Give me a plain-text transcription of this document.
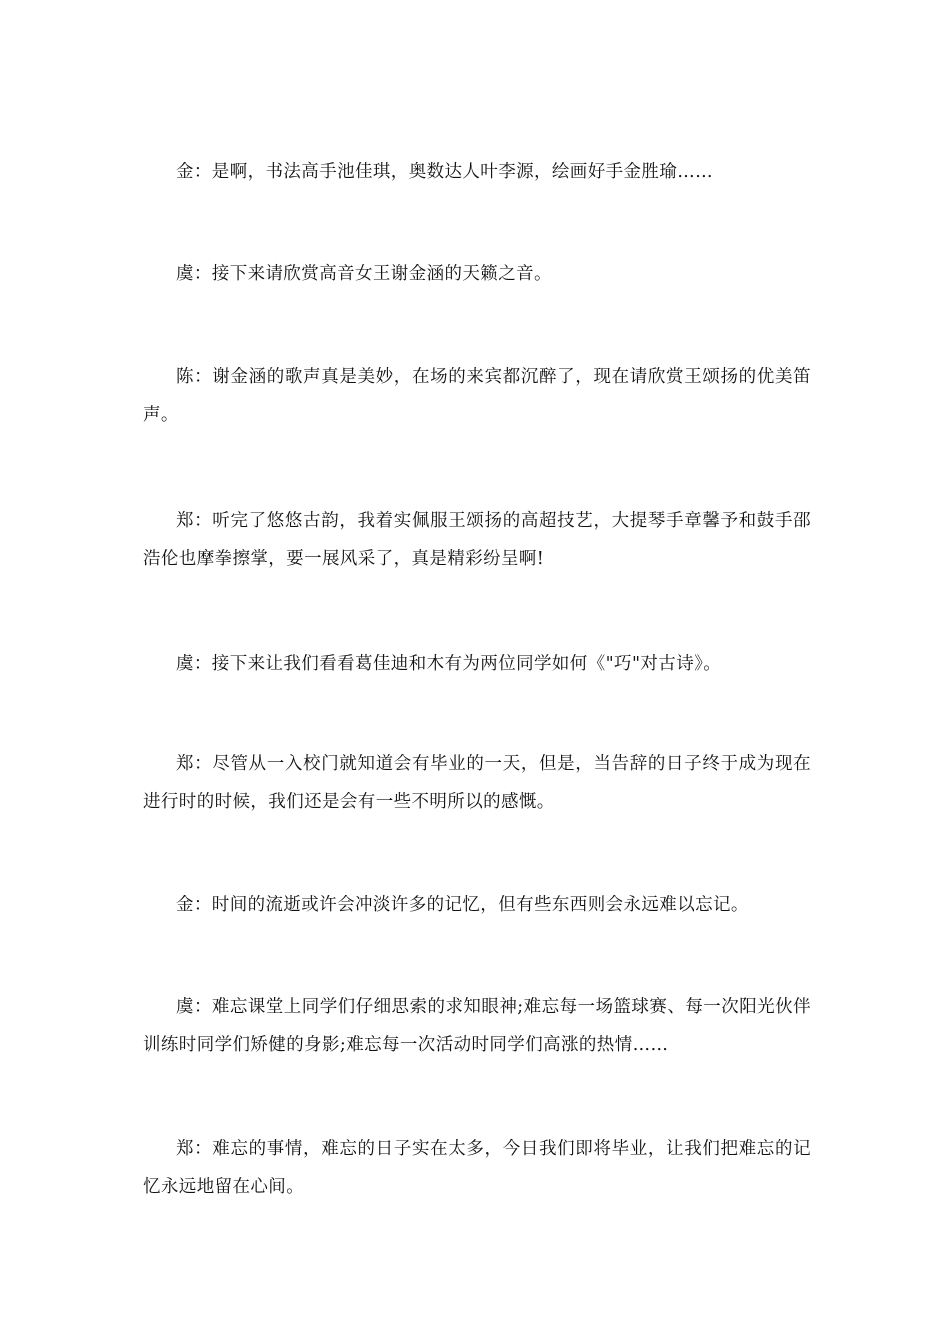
金：是啊，书法高手池佳琪，奥数达人叶李源，绘画好手金胜瑜……

虞：接下来请欣赏高音女王谢金涵的天籁之音。

陈：谢金涵的歌声真是美妙，在场的来宾都沉醉了，现在请欣赏王颂扬的优美笛声。

郑：听完了悠悠古韵，我着实佩服王颂扬的高超技艺，大提琴手章馨予和鼓手邵浩伦也摩拳擦掌，要一展风采了，真是精彩纷呈啊!

虞：接下来让我们看看葛佳迪和木有为两位同学如何《"巧"对古诗》。

郑：尽管从一入校门就知道会有毕业的一天，但是，当告辞的日子终于成为现在进行时的时候，我们还是会有一些不明所以的感慨。

金：时间的流逝或许会冲淡许多的记忆，但有些东西则会永远难以忘记。

虞：难忘课堂上同学们仔细思索的求知眼神;难忘每一场篮球赛、每一次阳光伙伴训练时同学们矫健的身影;难忘每一次活动时同学们高涨的热情……

郑：难忘的事情，难忘的日子实在太多，今日我们即将毕业，让我们把难忘的记忆永远地留在心间。
